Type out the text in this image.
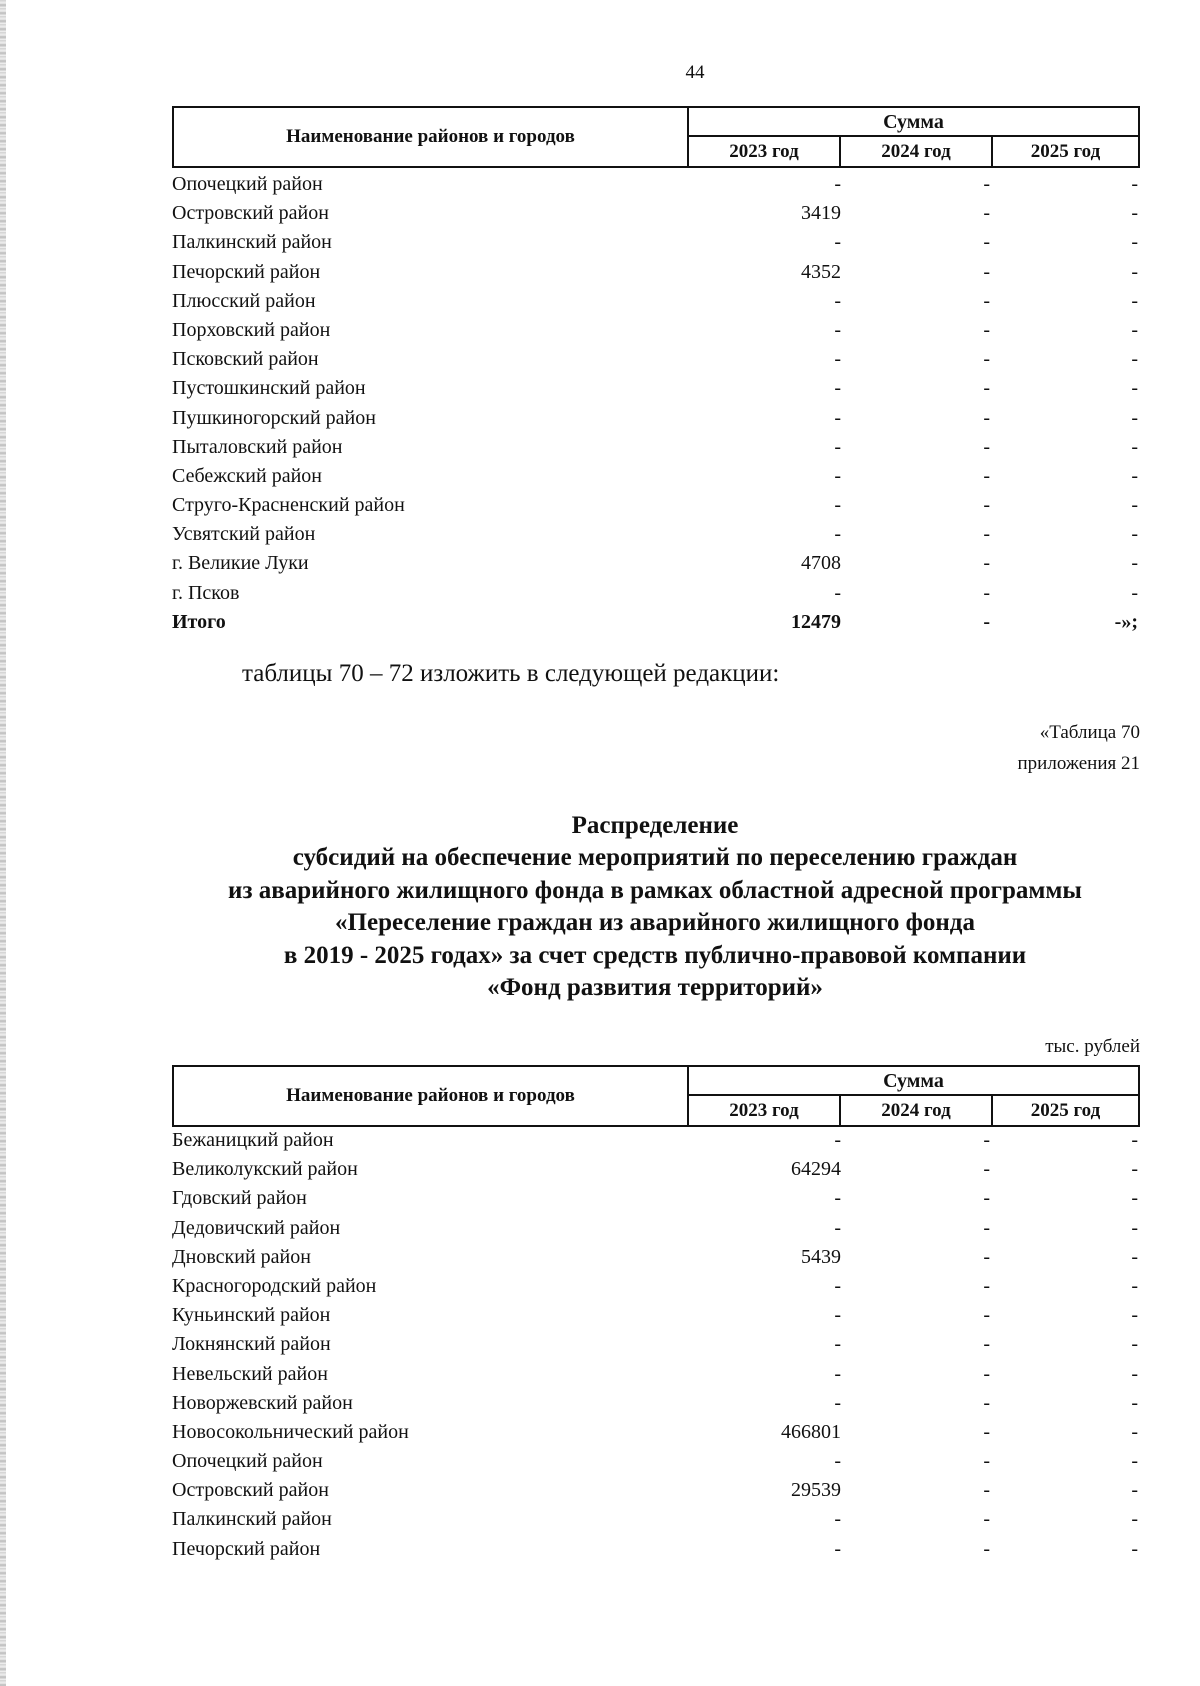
44
Наименование районов и городов
Сумма
2023 год	2024 год	2025 год
Опочецкий район	-	-	-
Островский район	3419	-	-
Палкинский район	-	-	-
Печорский район	4352	-	-
Плюсский район	-	-	-
Порховский район	-	-	-
Псковский район	-	-	-
Пустошкинский район	-	-	-
Пушкиногорский район	-	-	-
Пыталовский район	-	-	-
Себежский район	-	-	-
Струго-Красненский район	-	-	-
Усвятский район	-	-	-
г. Великие Луки	4708	-	-
г. Псков	-	-	-
Итого	12479	-	-»;
таблицы 70 – 72 изложить в следующей редакции:
«Таблица 70
приложения 21
Распределение
субсидий на обеспечение мероприятий по переселению граждан
из аварийного жилищного фонда в рамках областной адресной программы
«Переселение граждан из аварийного жилищного фонда
в 2019 - 2025 годах» за счет средств публично-правовой компании
«Фонд развития территорий»
тыс. рублей
Наименование районов и городов
Сумма
2023 год	2024 год	2025 год
Бежаницкий район	-	-	-
Великолукский район	64294	-	-
Гдовский район	-	-	-
Дедовичский район	-	-	-
Дновский район	5439	-	-
Красногородский район	-	-	-
Куньинский район	-	-	-
Локнянский район	-	-	-
Невельский район	-	-	-
Новоржевский район	-	-	-
Новосокольнический район	466801	-	-
Опочецкий район	-	-	-
Островский район	29539	-	-
Палкинский район	-	-	-
Печорский район	-	-	-
